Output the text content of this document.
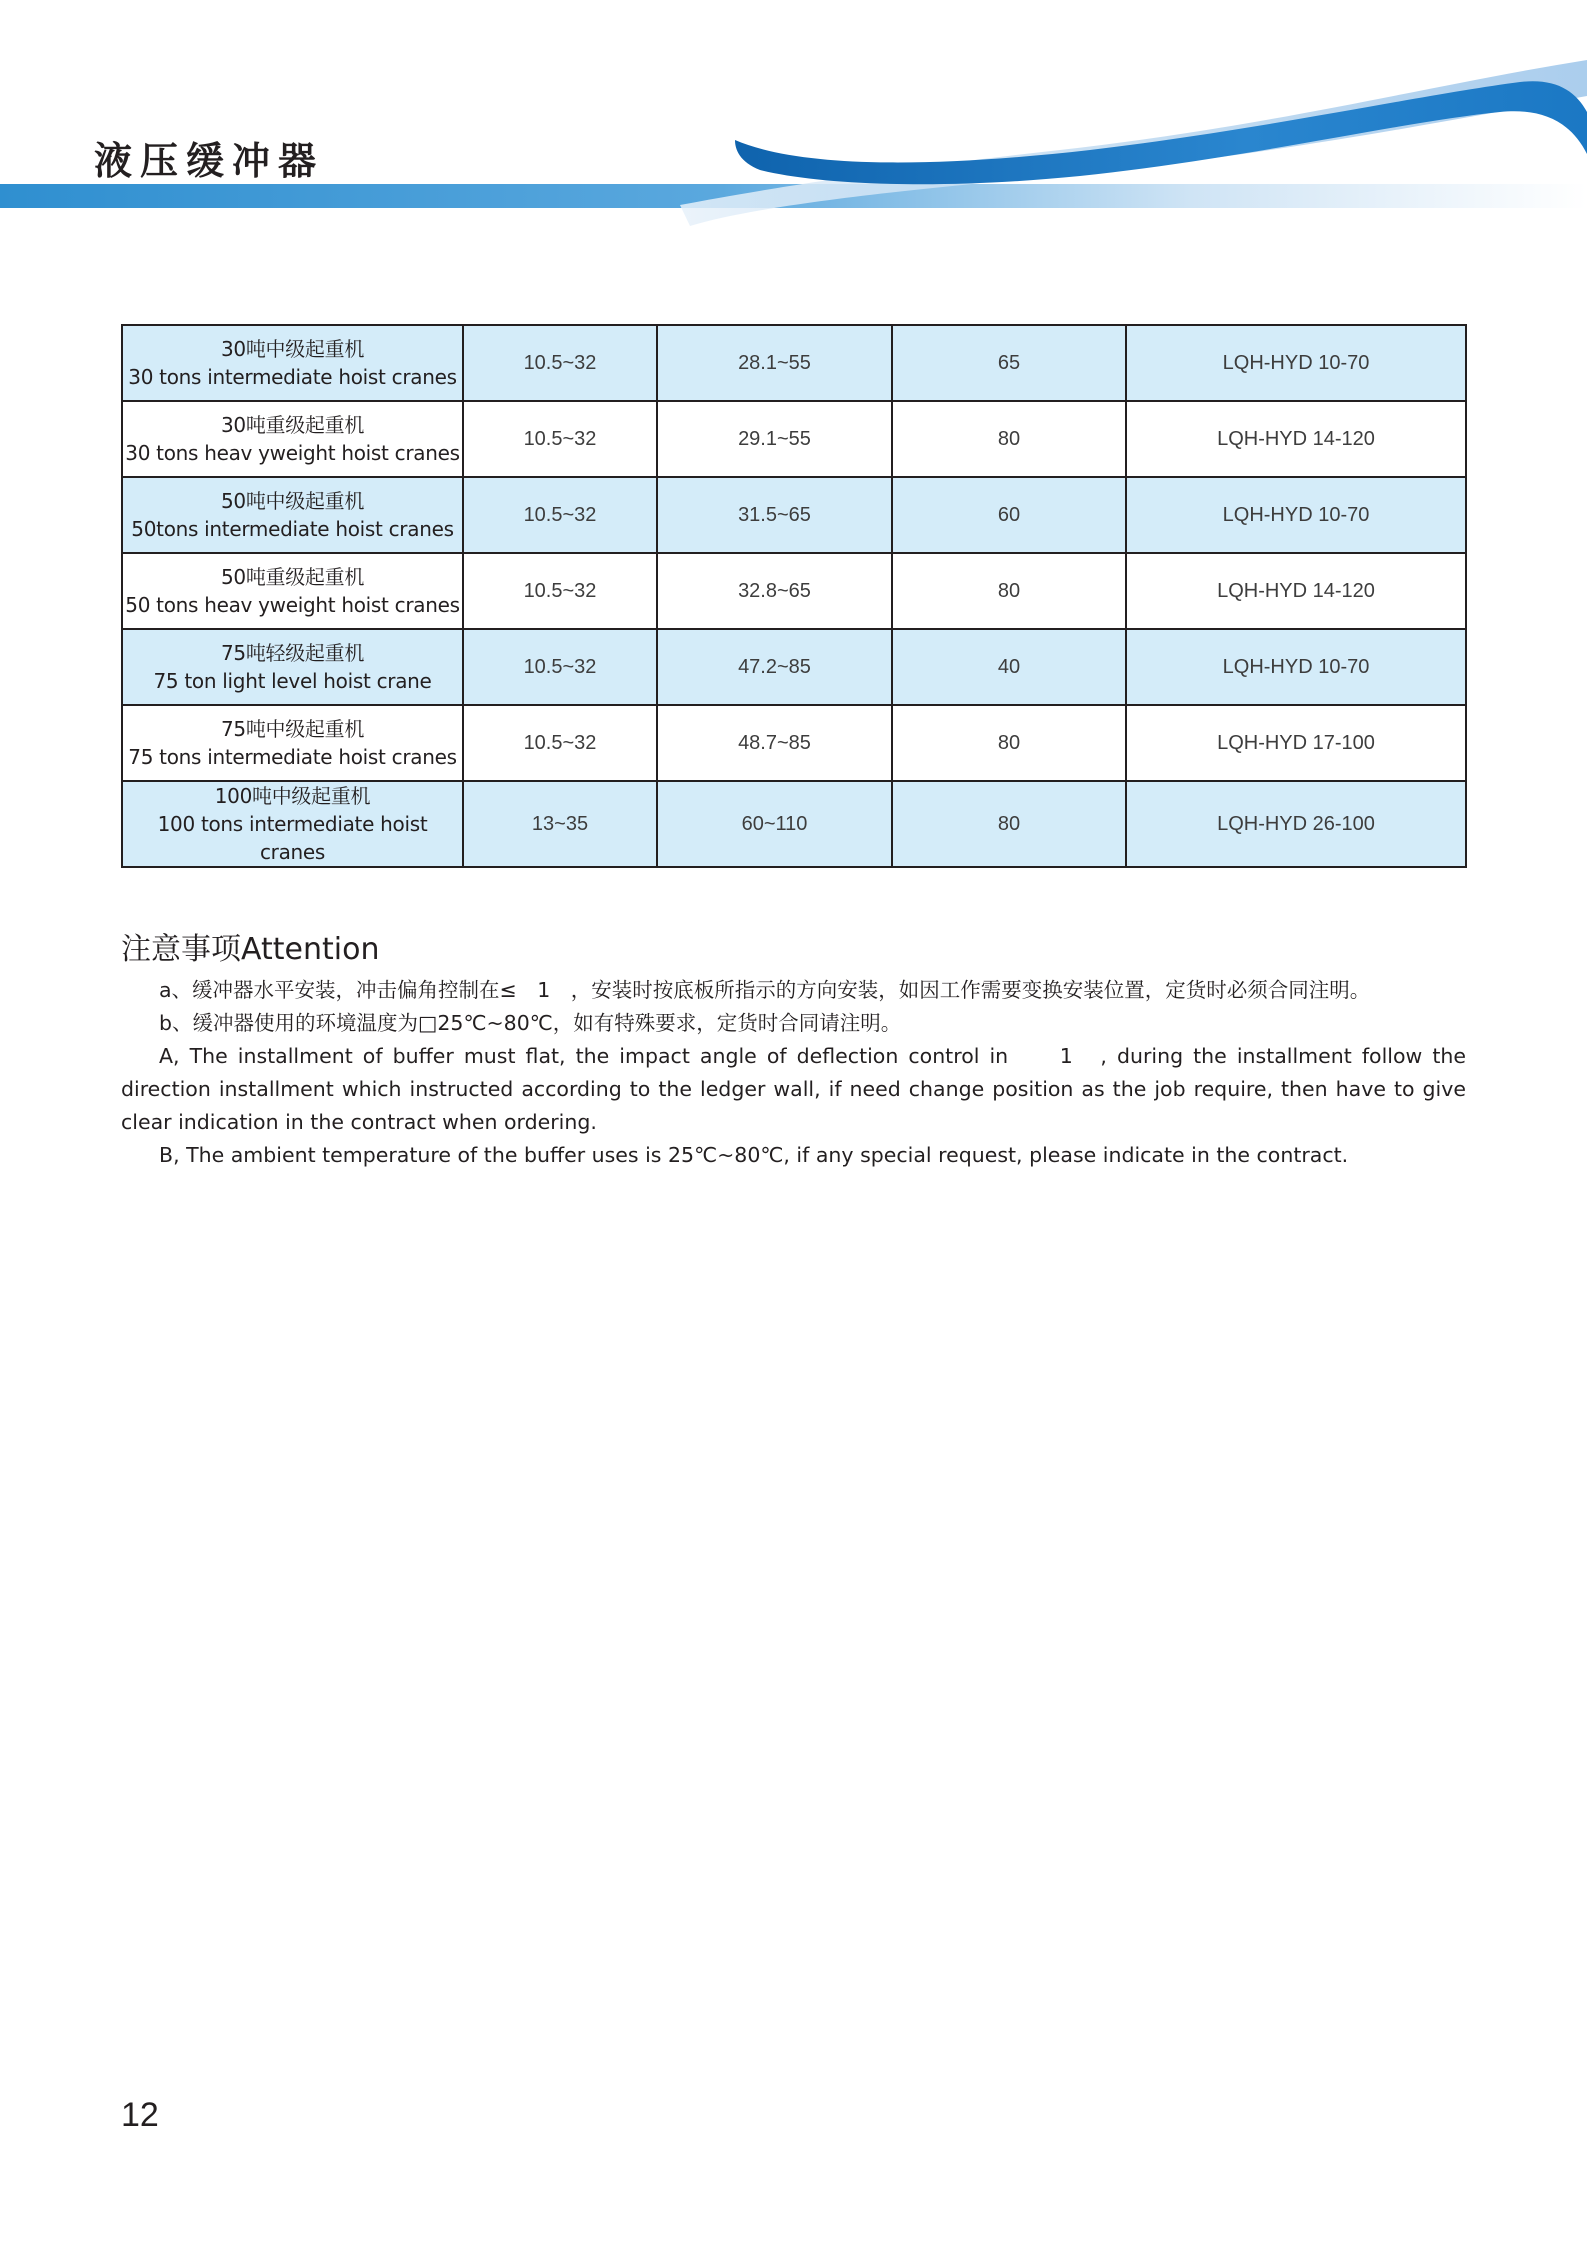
液压缓冲器
30吨中级起重机
30 tons intermediate hoist cranes	10.5~32	28.1~55	65	LQH-HYD 10-70

30吨重级起重机
30 tons heav yweight hoist cranes	10.5~32	29.1~55	80	LQH-HYD 14-120

50吨中级起重机
50tons intermediate hoist cranes	10.5~32	31.5~65	60	LQH-HYD 10-70

50吨重级起重机
50 tons heav yweight hoist cranes	10.5~32	32.8~65	80	LQH-HYD 14-120

75吨轻级起重机
75 ton light level hoist crane	10.5~32	47.2~85	40	LQH-HYD 10-70

75吨中级起重机
75 tons intermediate hoist cranes	10.5~32	48.7~85	80	LQH-HYD 17-100

100吨中级起重机
100 tons intermediate hoist cranes	13~35	60~110	80	LQH-HYD 26-100
注意事项Attention

a、缓冲器水平安装，冲击偏角控制在≤　1　，安装时按底板所指示的方向安装，如因工作需要变换安装位置，定货时必须合同注明。

b、缓冲器使用的环境温度为□25℃~80℃，如有特殊要求，定货时合同请注明。

A, The installment of buffer must flat, the impact angle of deflection control in　　1　, during the installment follow the direction installment which instructed according to the ledger wall, if need change position as the job require, then have to give clear indication in the contract when ordering.

B, The ambient temperature of the buffer uses is 25℃~80℃, if any special request, please indicate in the contract.

12
